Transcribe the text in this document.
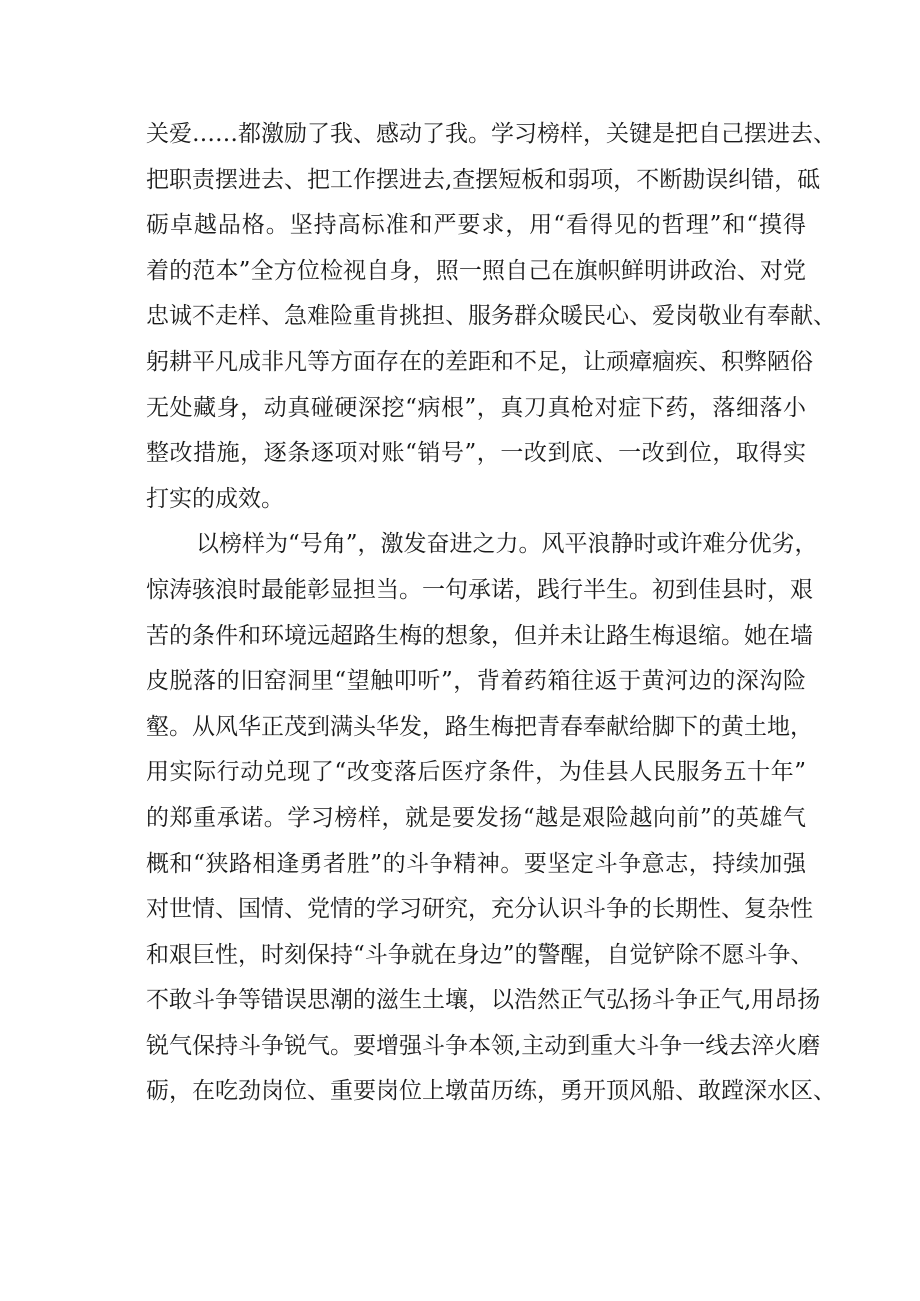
关爱……都激励了我、感动了我。学习榜样，关键是把自己摆进去、
把职责摆进去、把工作摆进去,查摆短板和弱项，不断勘误纠错，砥
砺卓越品格。坚持高标准和严要求，用“看得见的哲理”和“摸得
着的范本”全方位检视自身，照一照自己在旗帜鲜明讲政治、对党
忠诚不走样、急难险重肯挑担、服务群众暖民心、爱岗敬业有奉献、
躬耕平凡成非凡等方面存在的差距和不足，让顽瘴痼疾、积弊陋俗
无处藏身，动真碰硬深挖“病根”，真刀真枪对症下药，落细落小
整改措施，逐条逐项对账“销号”，一改到底、一改到位，取得实
打实的成效。
以榜样为“号角”，激发奋进之力。风平浪静时或许难分优劣，
惊涛骇浪时最能彰显担当。一句承诺，践行半生。初到佳县时，艰
苦的条件和环境远超路生梅的想象，但并未让路生梅退缩。她在墙
皮脱落的旧窑洞里“望触叩听”，背着药箱往返于黄河边的深沟险
壑。从风华正茂到满头华发，路生梅把青春奉献给脚下的黄土地，
用实际行动兑现了“改变落后医疗条件，为佳县人民服务五十年”
的郑重承诺。学习榜样，就是要发扬“越是艰险越向前”的英雄气
概和“狭路相逢勇者胜”的斗争精神。要坚定斗争意志，持续加强
对世情、国情、党情的学习研究，充分认识斗争的长期性、复杂性
和艰巨性，时刻保持“斗争就在身边”的警醒，自觉铲除不愿斗争、
不敢斗争等错误思潮的滋生土壤，以浩然正气弘扬斗争正气,用昂扬
锐气保持斗争锐气。要增强斗争本领,主动到重大斗争一线去淬火磨
砺，在吃劲岗位、重要岗位上墩苗历练，勇开顶风船、敢蹚深水区、
